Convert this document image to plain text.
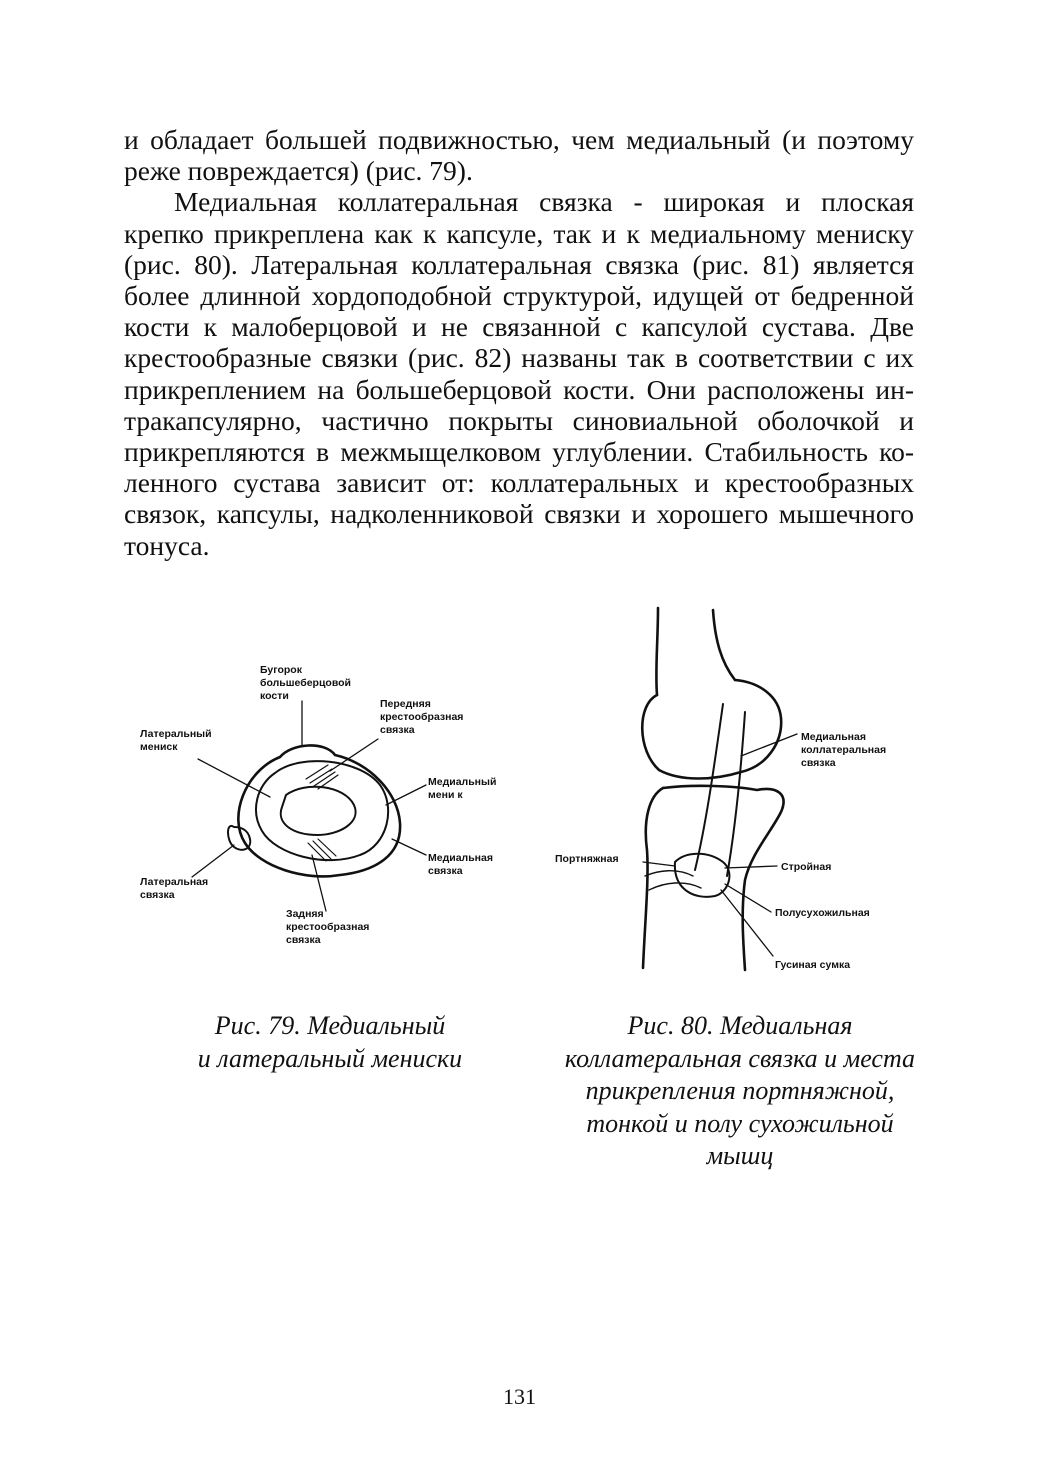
и обладает большей подвижностью, чем медиальный (и поэтому реже повреждается) (рис. 79).

Медиальная коллатеральная связка - широкая и плоская крепко прикреплена как к капсуле, так и к медиальному мениску (рис. 80). Латеральная коллатеральная связка (рис. 81) является более длинной хордоподобной структурой, идущей от бедренной кости к малоберцовой и не связанной с капсулой сустава. Две крестообразные связки (рис. 82) названы так в соответствии с их прикреплением на большеберцовой кости. Они расположены ин- тракапсулярно, частично покрыты синовиальной оболочкой и прикрепляются в межмыщелковом углублении. Стабильность ко- ленного сустава зависит от: коллатеральных и крестообразных связок, капсулы, надколенниковой связки и хорошего мышечного тонуса.

Бугорок большеберцовой кости
Передняя крестообразная связка
Латеральный мениск
Медиальный мени к
Медиальная связка
Латеральная связка
Задняя крестообразная связка
Медиальная коллатеральная связка
Портняжная
Стройная
Полусухожильная
Гусиная сумка
Рис. 79. Медиальный
и латеральный мениски
Рис. 80. Медиальная
коллатеральная связка и места
прикрепления портняжной,
тонкой и полу сухожильной
мышц
131
